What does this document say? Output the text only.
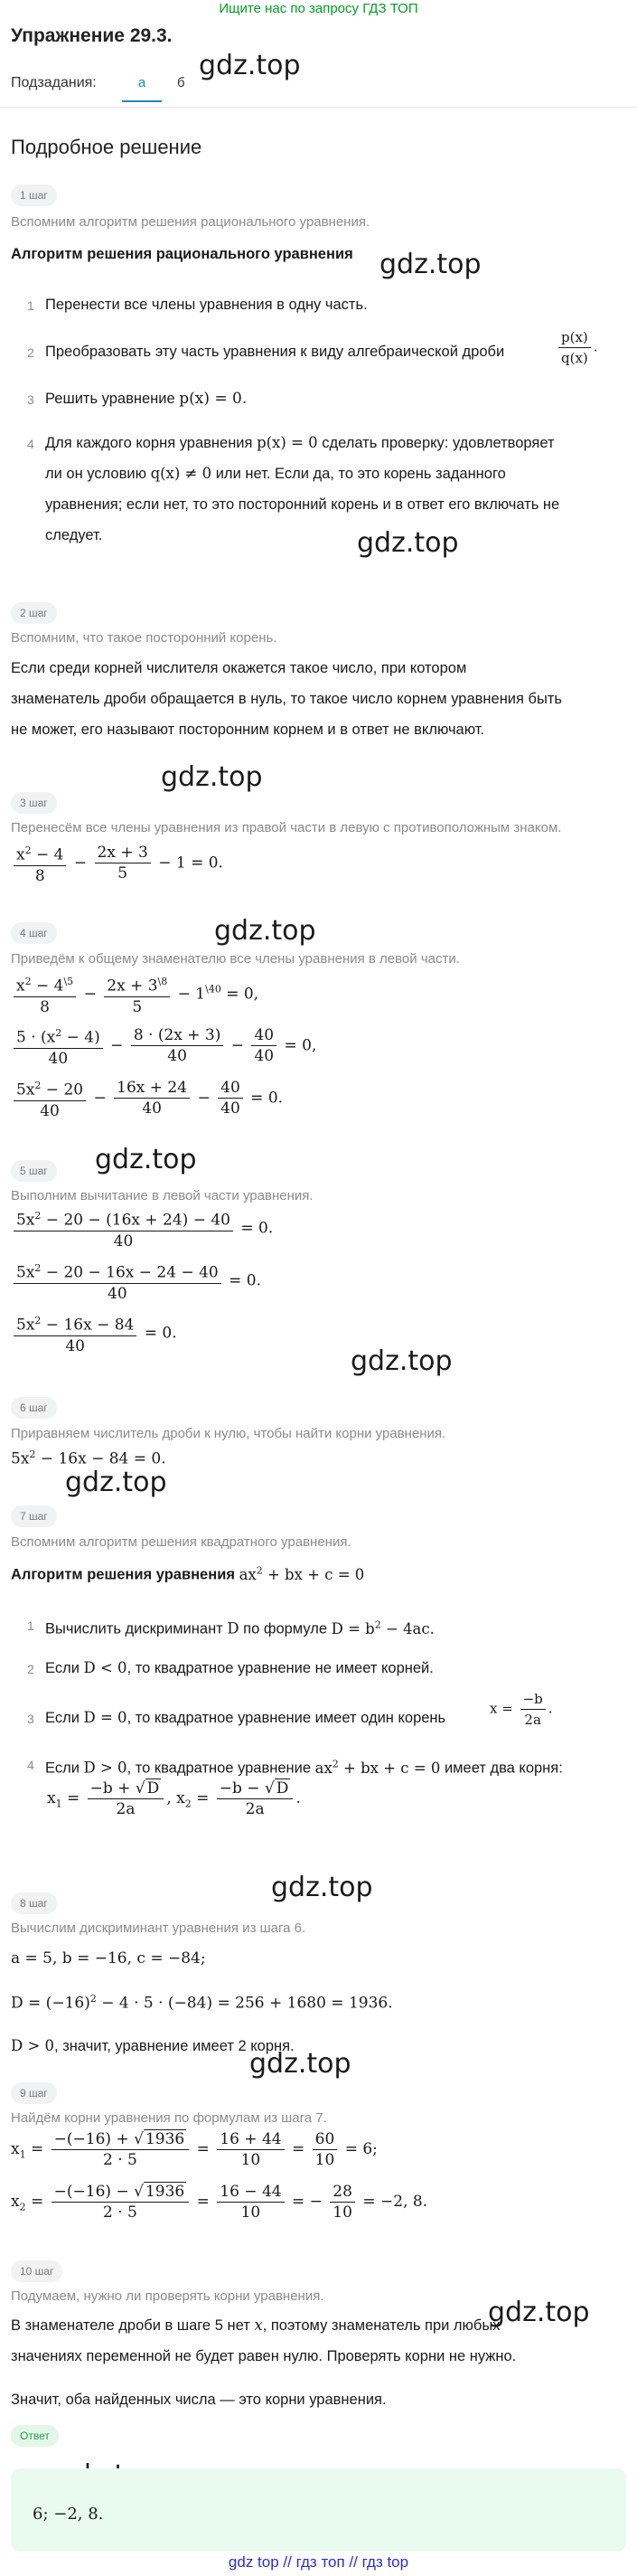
Ищите нас по запросу ГДЗ ТОП
Упражнение 29.3.
Подзадания:	а	б
Подробное решение
gdz.top
gdz.top
gdz.top
gdz.top
gdz.top
gdz.top
gdz.top
gdz.top
gdz.top
gdz.top
gdz.top
1 шаг
Вспомним алгоритм решения рационального уравнения.
Алгоритм решения рационального уравнения
1 Перенести все члены уравнения в одну часть.
2 Преобразовать эту часть уравнения к виду алгебраической дроби	$\frac{p(x)}{q(x)}$ .
3 Решить уравнение p(x) = 0.
4 Для каждого корня уравнения p(x) = 0 сделать проверку: удовлетворяет
ли он условию q(x) ≠ 0 или нет. Если да, то это корень заданного
уравнения; если нет, то это посторонний корень и в ответ его включать не
следует.
2 шаг
Вспомним, что такое посторонний корень.
Если среди корней числителя окажется такое число, при котором
знаменатель дроби обращается в нуль, то такое число корнем уравнения быть
не может, его называют посторонним корнем и в ответ не включают.
3 шаг
Перенесём все члены уравнения из правой части в левую с противоположным знаком.
$\frac{x^2 - 4}{8} - \frac{2x + 3}{5} - 1 = 0$.
4 шаг
Приведём к общему знаменателю все члены уравнения в левой части.
$\frac{x^2 - 4^{\backslash 5}}{8} - \frac{2x + 3^{\backslash 8}}{5} - 1^{\backslash 40} = 0$,
$\frac{5 \cdot (x^2 - 4)}{40} - \frac{8 \cdot (2x + 3)}{40} - \frac{40}{40} = 0$,
$\frac{5x^2 - 20}{40} - \frac{16x + 24}{40} - \frac{40}{40} = 0$.
5 шаг
Выполним вычитание в левой части уравнения.
$\frac{5x^2 - 20 - (16x + 24) - 40}{40} = 0$.
$\frac{5x^2 - 20 - 16x - 24 - 40}{40} = 0$.
$\frac{5x^2 - 16x - 84}{40} = 0$.
6 шаг
Приравняем числитель дроби к нулю, чтобы найти корни уравнения.
$5x^2 - 16x - 84 = 0$.
7 шаг
Вспомним алгоритм решения квадратного уравнения.
Алгоритм решения уравнения $ax^2$ + bx + c = 0
1 Вычислить дискриминант D по формуле $D = b^2 - 4ac$.
2 Если D < 0, то квадратное уравнение не имеет корней.
3 Если D = 0, то квадратное уравнение имеет один корень
$x = \frac{-b}{2a}$ .
4 Если D > 0, то квадратное уравнение $ax^2$ + bx + c = 0 имеет два корня:
$x_1 = \frac{-b + √ D}{2a}$ , $x_2 = \frac{-b - √ D}{2a}$ .
8 шаг
Вычислим дискриминант уравнения из шага 6.
a = 5, b = −16, c = −84;
$D = (-16)^2 - 4 \cdot 5 \cdot (-84) = 256 + 1680 = 1936$.
D > 0, значит, уравнение имеет 2 корня.
9 шаг
Найдём корни уравнения по формулам из шага 7.
$x_1 = \frac{-(-16) + √ 1936}{2 \cdot 5} = \frac{16 + 44}{10} = \frac{60}{10} = 6$;
$x_2 = \frac{-(-16) - √ 1936}{2 \cdot 5} = \frac{16 - 44}{10}$ = − $\frac{28}{10} = -2$, 8.
10 шаг
Подумаем, нужно ли проверять корни уравнения.
В знаменателе дроби в шаге 5 нет x, поэтому знаменатель при любых
значениях переменной не будет равен нулю. Проверять корни не нужно.
Значит, оба найденных числа — это корни уравнения.
Ответ
6; −2, 8.
gdz top // гдз топ // гдз top
